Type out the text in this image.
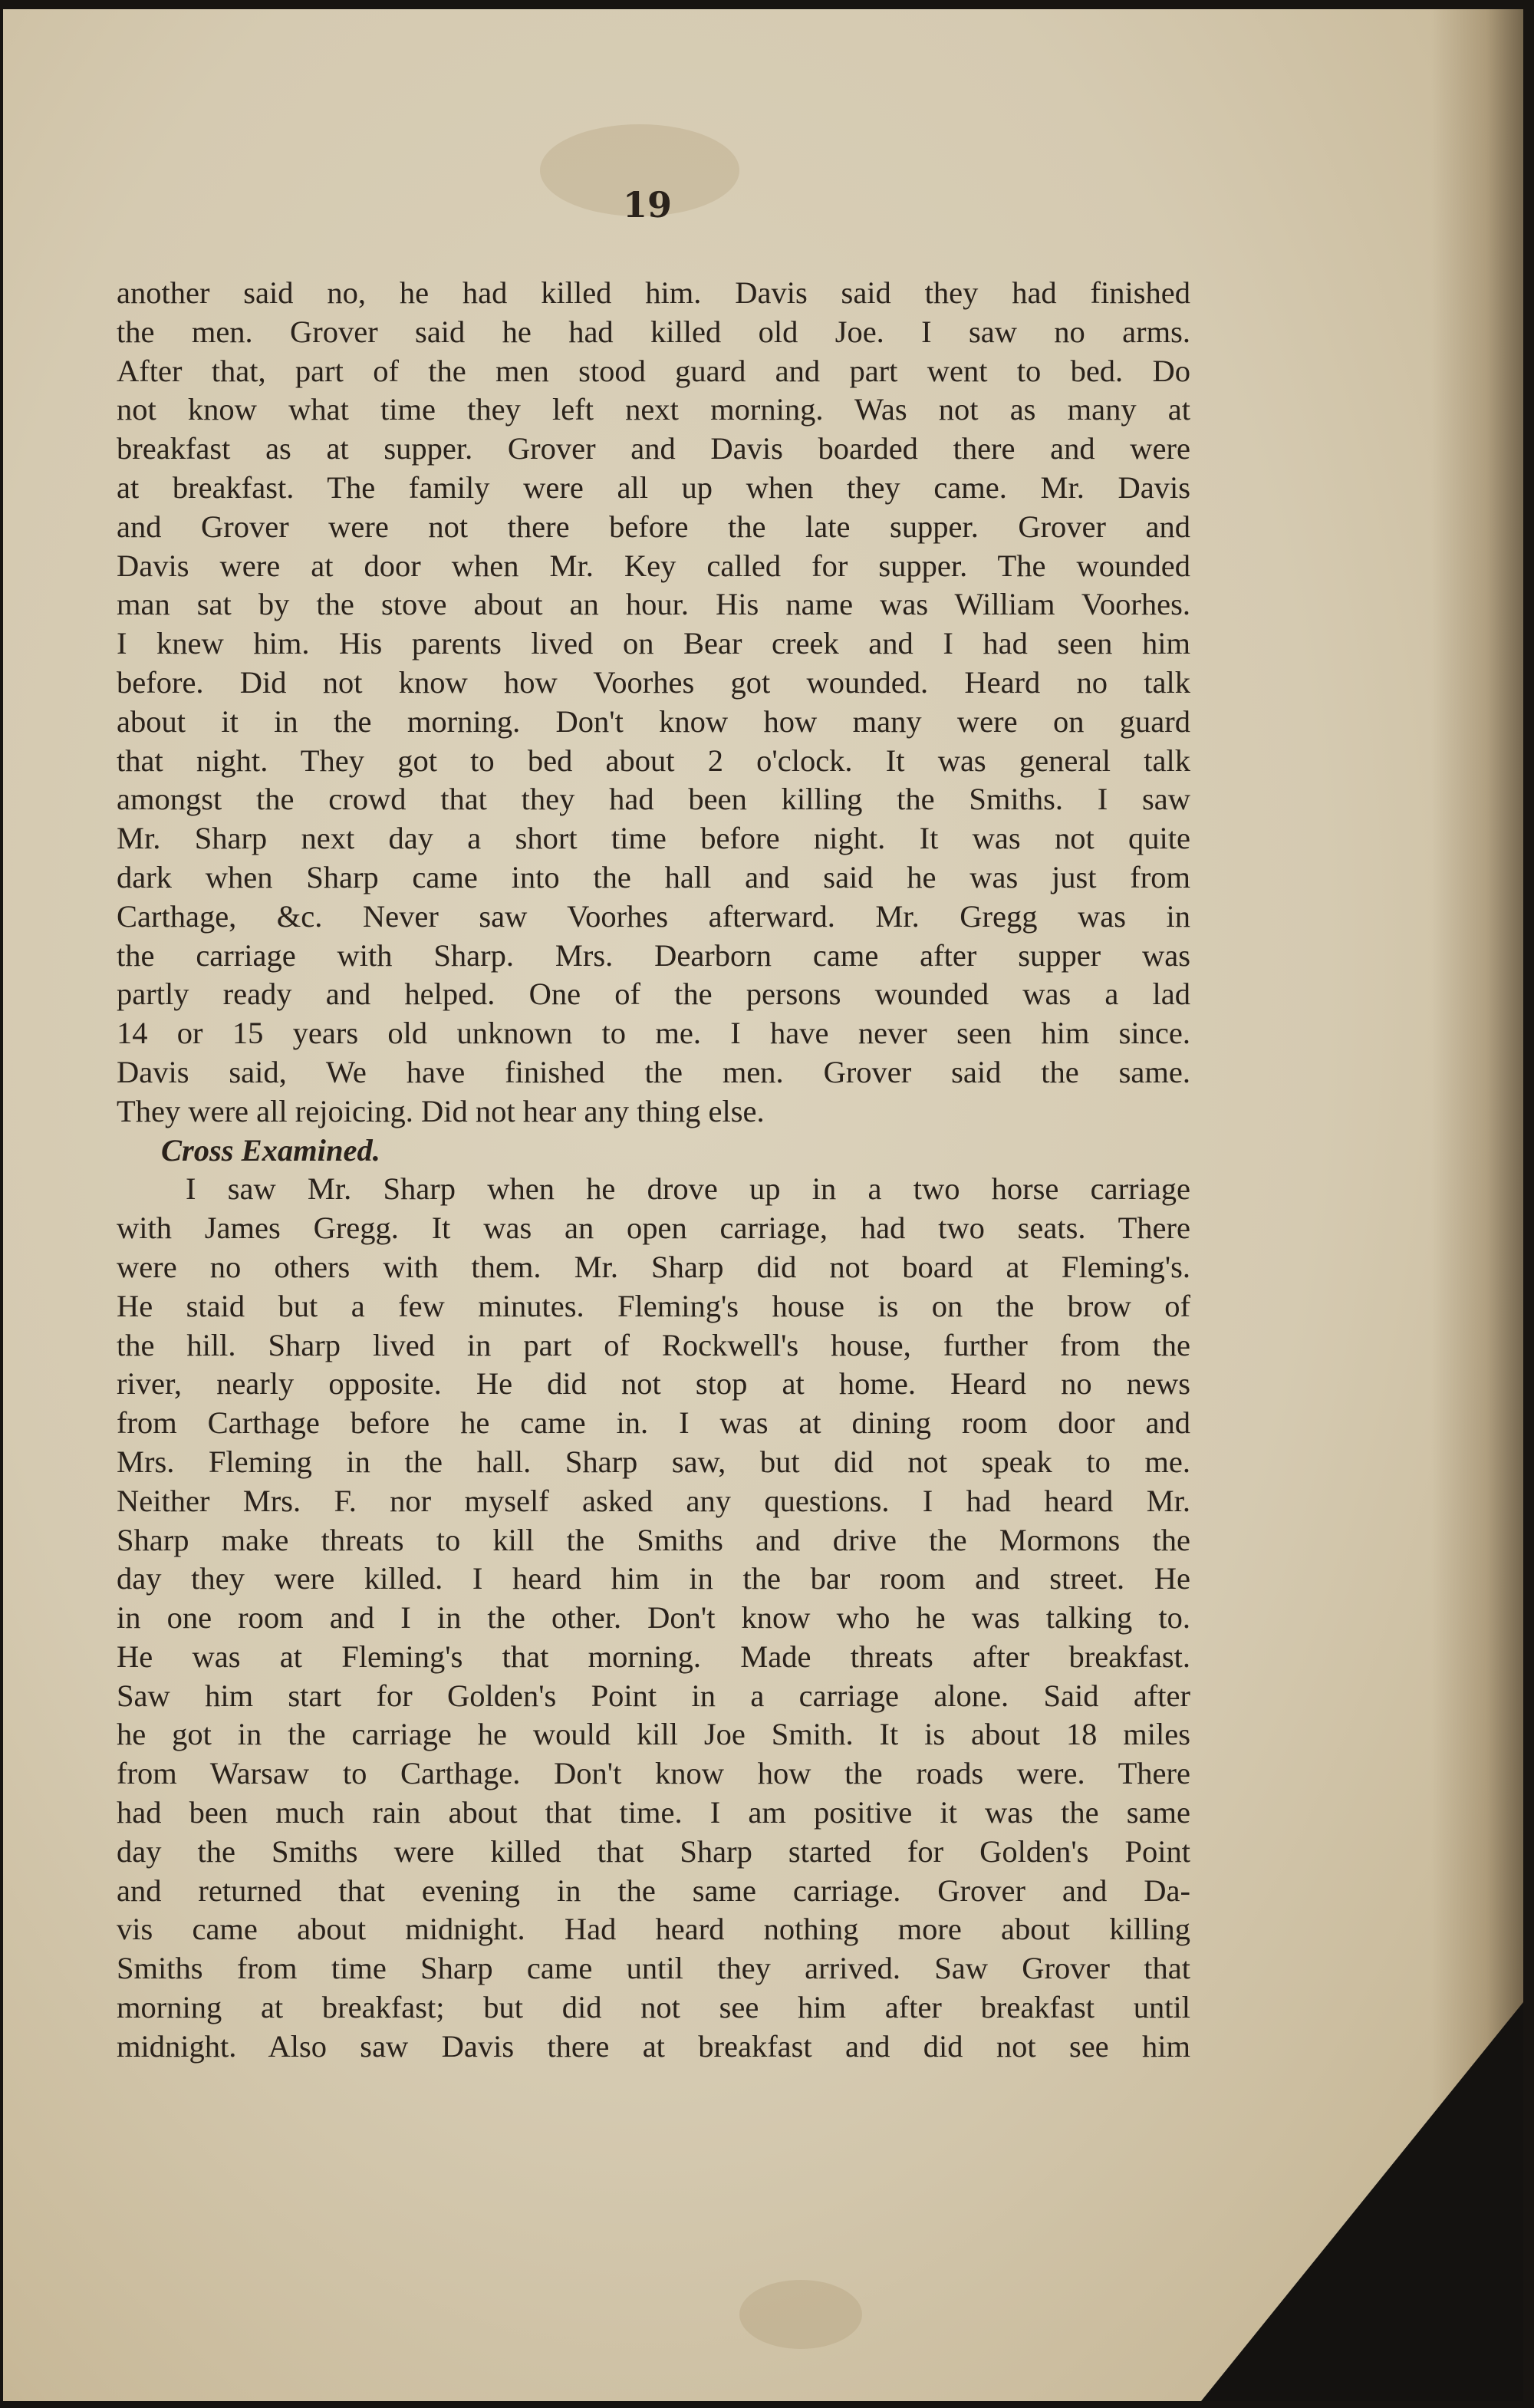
19
another said no, he had killed him. Davis said they had finished
the men. Grover said he had killed old Joe. I saw no arms.
After that, part of the men stood guard and part went to bed. Do
not know what time they left next morning. Was not as many at
breakfast as at supper. Grover and Davis boarded there and were
at breakfast. The family were all up when they came. Mr. Davis
and Grover were not there before the late supper. Grover and
Davis were at door when Mr. Key called for supper. The wounded
man sat by the stove about an hour. His name was William Voorhes.
I knew him. His parents lived on Bear creek and I had seen him
before. Did not know how Voorhes got wounded. Heard no talk
about it in the morning. Don't know how many were on guard
that night. They got to bed about 2 o'clock. It was general talk
amongst the crowd that they had been killing the Smiths. I saw
Mr. Sharp next day a short time before night. It was not quite
dark when Sharp came into the hall and said he was just from
Carthage, &c. Never saw Voorhes afterward. Mr. Gregg was in
the carriage with Sharp. Mrs. Dearborn came after supper was
partly ready and helped. One of the persons wounded was a lad
14 or 15 years old unknown to me. I have never seen him since.
Davis said, We have finished the men. Grover said the same.
They were all rejoicing. Did not hear any thing else.
Cross Examined.
I saw Mr. Sharp when he drove up in a two horse carriage
with James Gregg. It was an open carriage, had two seats. There
were no others with them. Mr. Sharp did not board at Fleming's.
He staid but a few minutes. Fleming's house is on the brow of
the hill. Sharp lived in part of Rockwell's house, further from the
river, nearly opposite. He did not stop at home. Heard no news
from Carthage before he came in. I was at dining room door and
Mrs. Fleming in the hall. Sharp saw, but did not speak to me.
Neither Mrs. F. nor myself asked any questions. I had heard Mr.
Sharp make threats to kill the Smiths and drive the Mormons the
day they were killed. I heard him in the bar room and street. He
in one room and I in the other. Don't know who he was talking to.
He was at Fleming's that morning. Made threats after breakfast.
Saw him start for Golden's Point in a carriage alone. Said after
he got in the carriage he would kill Joe Smith. It is about 18 miles
from Warsaw to Carthage. Don't know how the roads were. There
had been much rain about that time. I am positive it was the same
day the Smiths were killed that Sharp started for Golden's Point
and returned that evening in the same carriage. Grover and Da-
vis came about midnight. Had heard nothing more about killing
Smiths from time Sharp came until they arrived. Saw Grover that
morning at breakfast; but did not see him after breakfast until
midnight. Also saw Davis there at breakfast and did not see him
